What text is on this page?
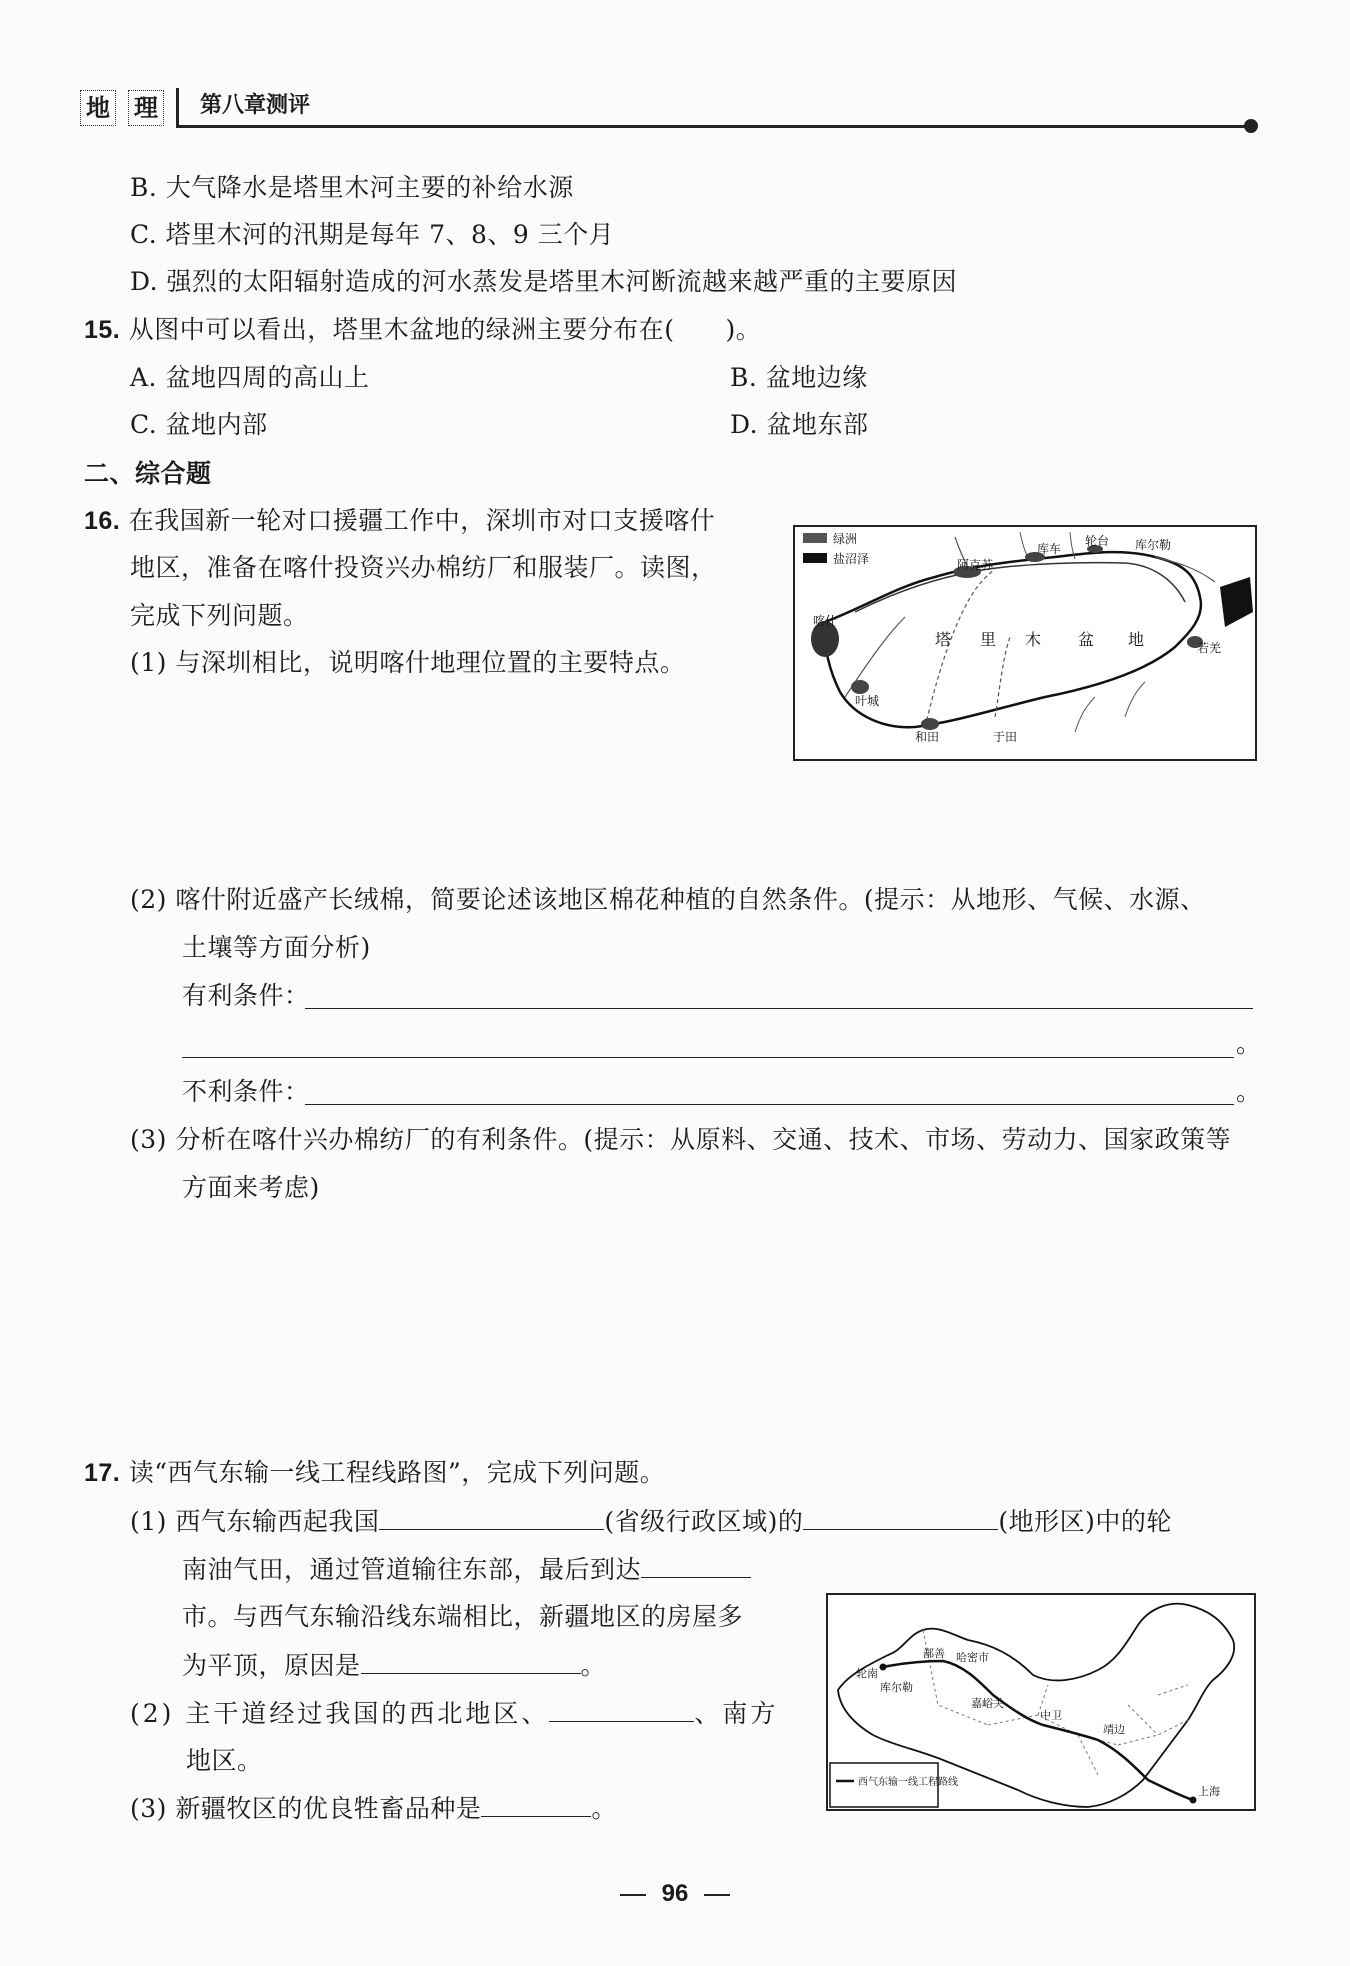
地 理 第八章测评
B. 大气降水是塔里木河主要的补给水源
C. 塔里木河的汛期是每年 7、8、9 三个月
D. 强烈的太阳辐射造成的河水蒸发是塔里木河断流越来越严重的主要原因
15. 从图中可以看出，塔里木盆地的绿洲主要分布在(　　)。
A. 盆地四周的高山上	B. 盆地边缘
C. 盆地内部	D. 盆地东部
二、综合题
16. 在我国新一轮对口援疆工作中，深圳市对口支援喀什
地区，准备在喀什投资兴办棉纺厂和服装厂。读图，
完成下列问题。
(1) 与深圳相比，说明喀什地理位置的主要特点。
绿洲
盐沼泽
轮台
库车	库尔勒
阿克苏
喀什
若羌
叶城
和田	于田
塔 里 木 盆 地
(2) 喀什附近盛产长绒棉，简要论述该地区棉花种植的自然条件。(提示：从地形、气候、水源、
土壤等方面分析)
有利条件：
。
不利条件：	。
(3) 分析在喀什兴办棉纺厂的有利条件。(提示：从原料、交通、技术、市场、劳动力、国家政策等
方面来考虑)
17. 读“西气东输一线工程线路图”，完成下列问题。
(1) 西气东输西起我国	(省级行政区域)的	(地形区)中的轮
南油气田，通过管道输往东部，最后到达
市。与西气东输沿线东端相比，新疆地区的房屋多
为平顶，原因是	。
(2) 主干道经过我国的西北地区、	、南方
地区。
(3) 新疆牧区的优良牲畜品种是	。
轮南
库尔勒
鄯善 哈密市
嘉峪关
中卫
靖边
上海
西气东输一线工程路线
96
